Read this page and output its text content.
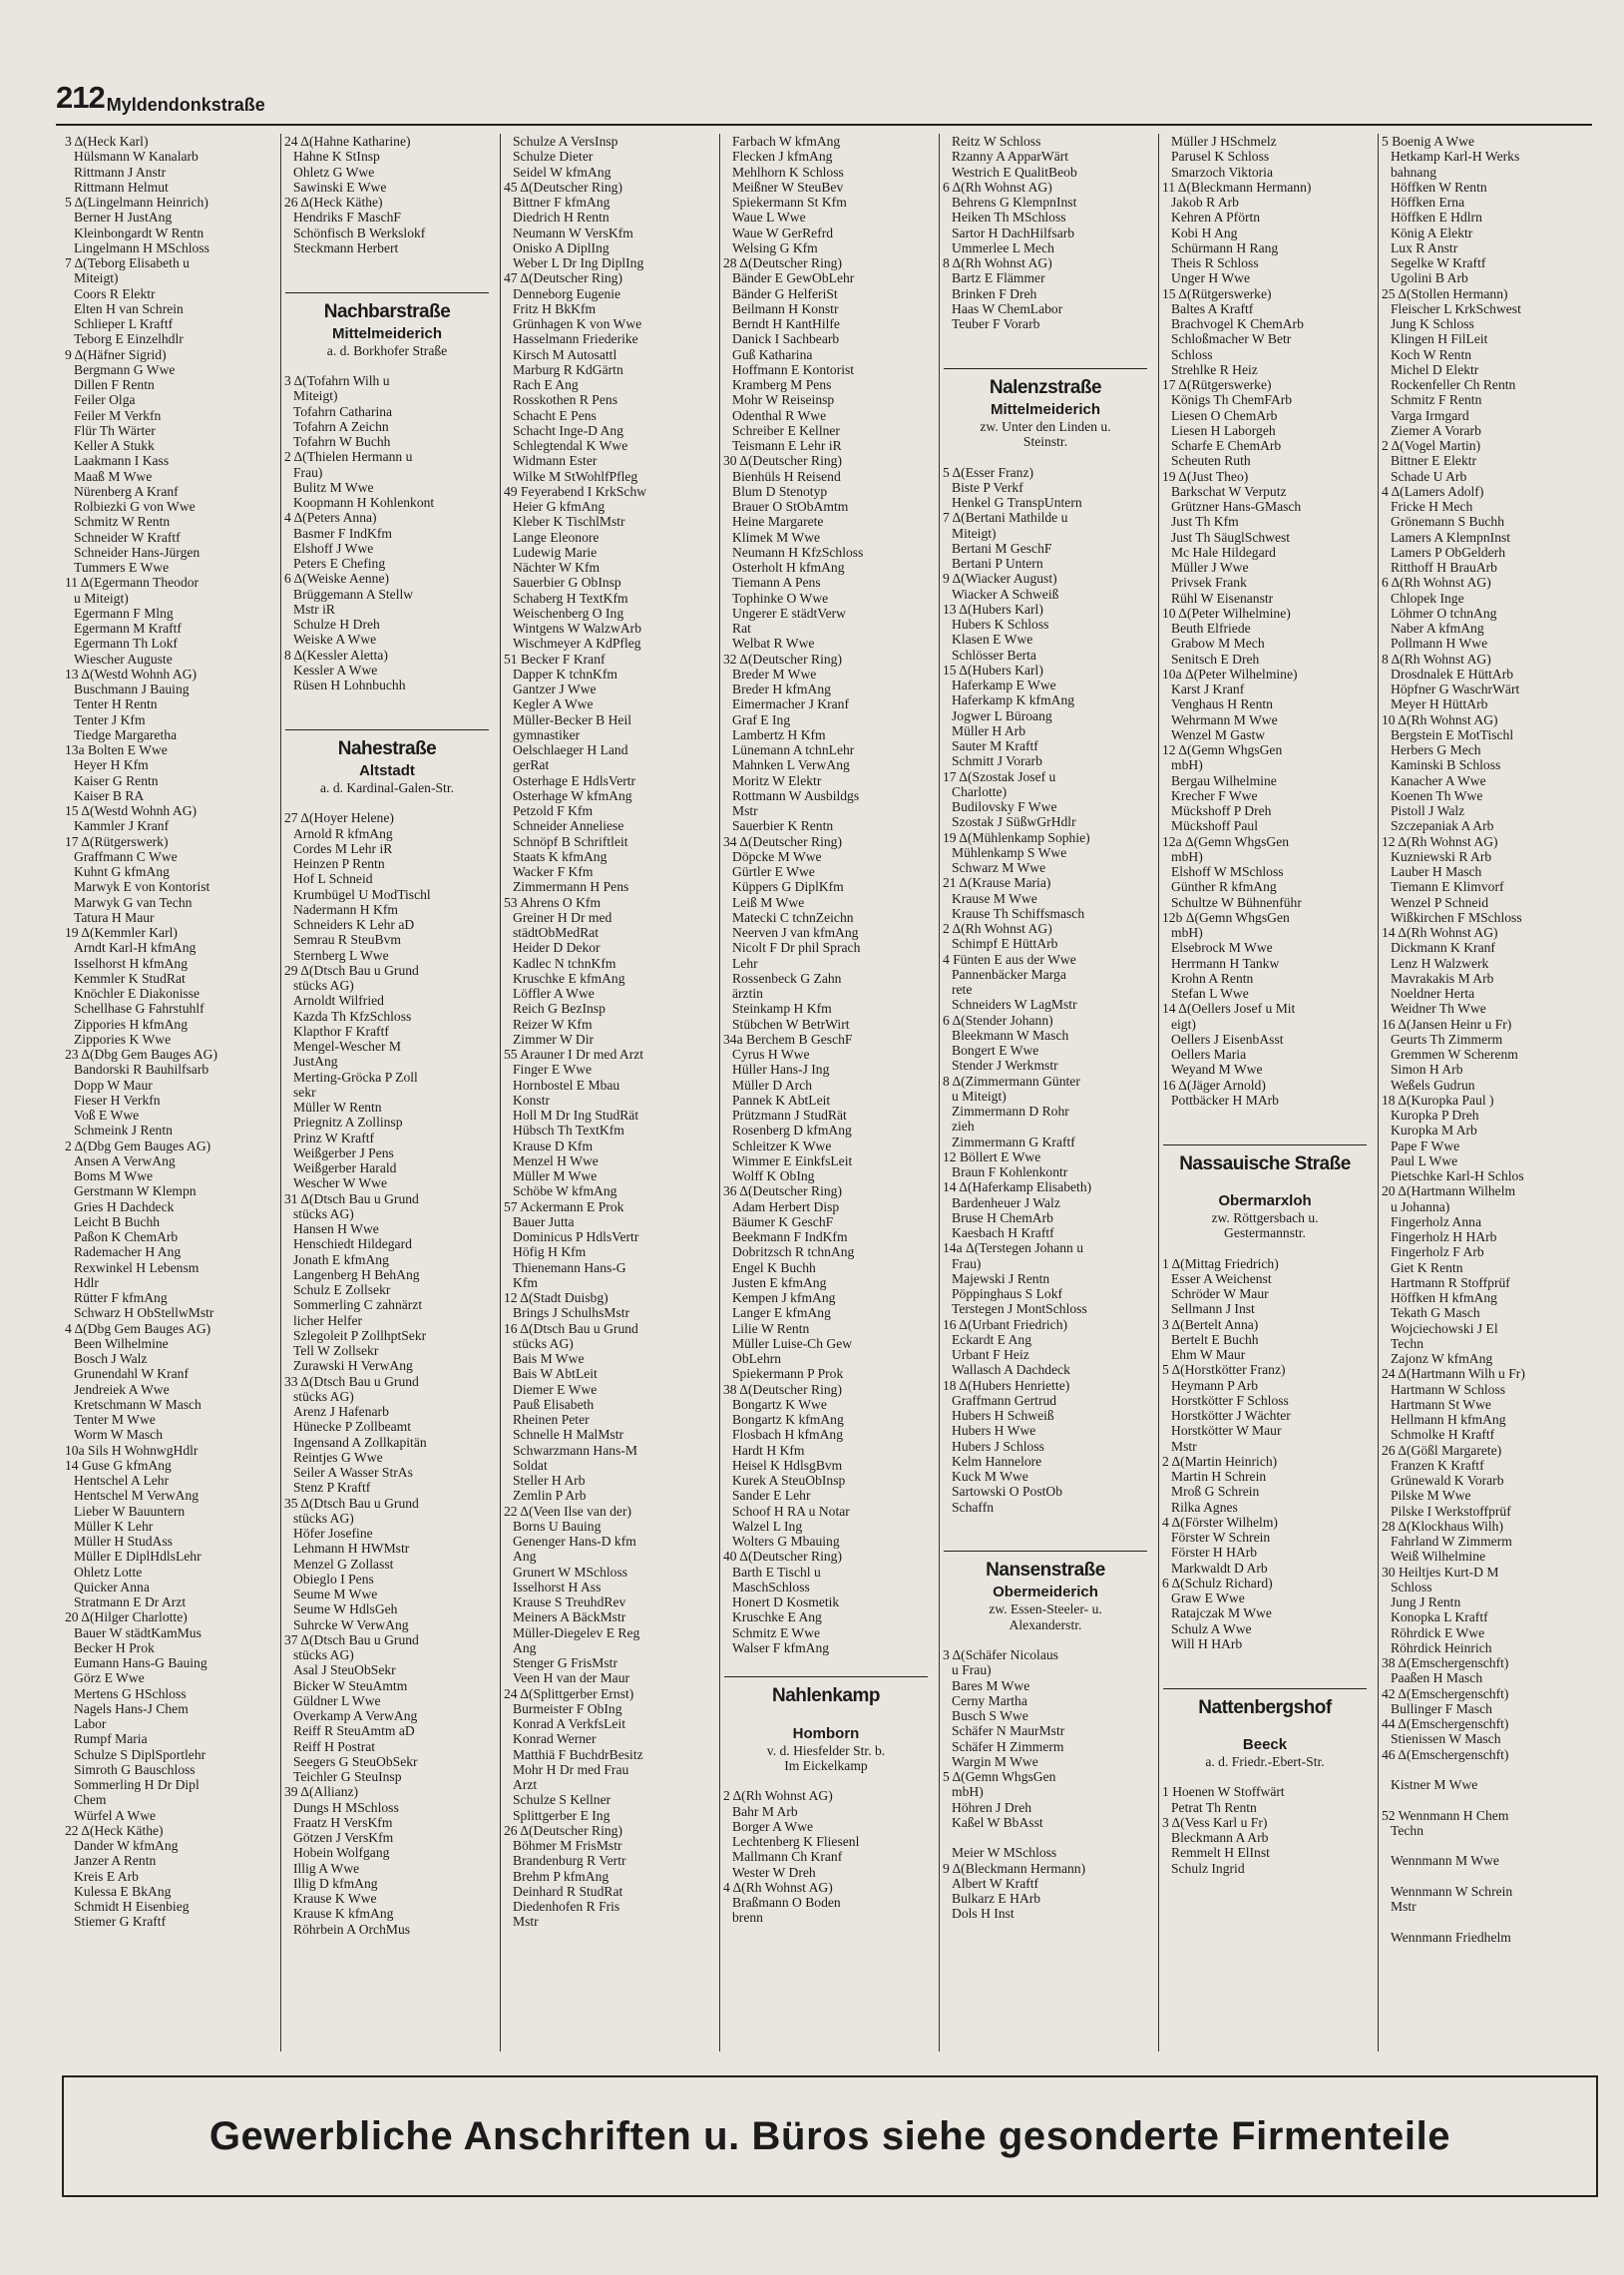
212 Myldendonkstraße
3 Δ(Heck Karl)
Hülsmann W Kanalarb
Rittmann J Anstr
Rittmann Helmut
5 Δ(Lingelmann Heinrich)
Berner H JustAng
Kleinbongardt W Rentn
Lingelmann H MSchloss
7 Δ(Teborg Elisabeth u
Miteigt)
Coors R Elektr
Elten H van Schrein
Schlieper L Kraftf
Teborg E Einzelhdlr
9 Δ(Häfner Sigrid)
Bergmann G Wwe
Dillen F Rentn
Feiler Olga
Feiler M Verkfn
Flür Th Wärter
Keller A Stukk
Laakmann I Kass
Maaß M Wwe
Nürenberg A Kranf
Rolbiezki G von Wwe
Schmitz W Rentn
Schneider W Kraftf
Schneider Hans-Jürgen
Tummers E Wwe
11 Δ(Egermann Theodor
u Miteigt)
Egermann F Mlng
Egermann M Kraftf
Egermann Th Lokf
Wiescher Auguste
13 Δ(Westd Wohnh AG)
Buschmann J Bauing
Tenter H Rentn
Tenter J Kfm
Tiedge Margaretha
13a Bolten E Wwe
Heyer H Kfm
Kaiser G Rentn
Kaiser B RA
15 Δ(Westd Wohnh AG)
Kammler J Kranf
17 Δ(Rütgerswerk)
Graffmann C Wwe
Kuhnt G kfmAng
Marwyk E von Kontorist
Marwyk G van Techn
Tatura H Maur
19 Δ(Kemmler Karl)
Arndt Karl-H kfmAng
Isselhorst H kfmAng
Kemmler K StudRat
Knöchler E Diakonisse
Schellhase G Fahrstuhlf
Zippories H kfmAng
Zippories K Wwe
23 Δ(Dbg Gem Bauges AG)
Bandorski R Bauhilfsarb
Dopp W Maur
Fieser H Verkfn
Voß E Wwe
Schmeink J Rentn
2 Δ(Dbg Gem Bauges AG)
Ansen A VerwAng
Boms M Wwe
Gerstmann W Klempn
Gries H Dachdeck
Leicht B Buchh
Paßon K ChemArb
Rademacher H Ang
Rexwinkel H Lebensm
Hdlr
Rütter F kfmAng
Schwarz H ObStellwMstr
4 Δ(Dbg Gem Bauges AG)
Been Wilhelmine
Bosch J Walz
Grunendahl W Kranf
Jendreiek A Wwe
Kretschmann W Masch
Tenter M Wwe
Worm W Masch
10a Sils H WohnwgHdlr
14 Guse G kfmAng
Hentschel A Lehr
Hentschel M VerwAng
Lieber W Bauuntern
Müller K Lehr
Müller H StudAss
Müller E DiplHdlsLehr
Ohletz Lotte
Quicker Anna
Stratmann E Dr Arzt
20 Δ(Hilger Charlotte)
Bauer W städtKamMus
Becker H Prok
Eumann Hans-G Bauing
Görz E Wwe
Mertens G HSchloss
Nagels Hans-J Chem
Labor
Rumpf Maria
Schulze S DiplSportlehr
Simroth G Bauschloss
Sommerling H Dr Dipl
Chem
Würfel A Wwe
22 Δ(Heck Käthe)
Dander W kfmAng
Janzer A Rentn
Kreis E Arb
Kulessa E BkAng
Schmidt H Eisenbieg
Stiemer G Kraftf
24 Δ(Hahne Katharine)
Hahne K StInsp
Ohletz G Wwe
Sawinski E Wwe
26 Δ(Heck Käthe)
Hendriks F MaschF
Schönfisch B Werkslokf
Steckmann Herbert
Nachbarstraße
Mittelmeiderich
a. d. Borkhofer Straße
3 Δ(Tofahrn Wilh u
Miteigt)
Tofahrn Catharina
Tofahrn A Zeichn
Tofahrn W Buchh
2 Δ(Thielen Hermann u
Frau)
Bulitz M Wwe
Koopmann H Kohlenkont
4 Δ(Peters Anna)
Basmer F IndKfm
Elshoff J Wwe
Peters E Chefing
6 Δ(Weiske Aenne)
Brüggemann A Stellw
Mstr iR
Schulze H Dreh
Weiske A Wwe
8 Δ(Kessler Aletta)
Kessler A Wwe
Rüsen H Lohnbuchh
Nahestraße
Altstadt
a. d. Kardinal-Galen-Str.
27 Δ(Hoyer Helene)
Arnold R kfmAng
Cordes M Lehr iR
Heinzen P Rentn
Hof L Schneid
Krumbügel U ModTischl
Nadermann H Kfm
Schneiders K Lehr aD
Semrau R SteuBvm
Sternberg L Wwe
29 Δ(Dtsch Bau u Grund
stücks AG)
Arnoldt Wilfried
Kazda Th KfzSchloss
Klapthor F Kraftf
Mengel-Wescher M
JustAng
Merting-Gröcka P Zoll
sekr
Müller W Rentn
Priegnitz A Zollinsp
Prinz W Kraftf
Weißgerber J Pens
Weißgerber Harald
Wescher W Wwe
31 Δ(Dtsch Bau u Grund
stücks AG)
Hansen H Wwe
Henschiedt Hildegard
Jonath E kfmAng
Langenberg H BehAng
Schulz E Zollsekr
Sommerling C zahnärzt
licher Helfer
Szlegoleit P ZollhptSekr
Tell W Zollsekr
Zurawski H VerwAng
33 Δ(Dtsch Bau u Grund
stücks AG)
Arenz J Hafenarb
Hünecke P Zollbeamt
Ingensand A Zollkapitän
Reintjes G Wwe
Seiler A Wasser StrAs
Stenz P Kraftf
35 Δ(Dtsch Bau u Grund
stücks AG)
Höfer Josefine
Lehmann H HWMstr
Menzel G Zollasst
Obieglo I Pens
Seume M Wwe
Seume W HdlsGeh
Suhrcke W VerwAng
37 Δ(Dtsch Bau u Grund
stücks AG)
Asal J SteuObSekr
Bicker W SteuAmtm
Güldner L Wwe
Overkamp A VerwAng
Reiff R SteuAmtm aD
Reiff H Postrat
Seegers G SteuObSekr
Teichler G SteuInsp
39 Δ(Allianz)
Dungs H MSchloss
Fraatz H VersKfm
Götzen J VersKfm
Hobein Wolfgang
Illig A Wwe
Illig D kfmAng
Krause K Wwe
Krause K kfmAng
Röhrbein A OrchMus
Schulze A VersInsp
Schulze Dieter
Seidel W kfmAng
45 Δ(Deutscher Ring)
Bittner F kfmAng
Diedrich H Rentn
Neumann W VersKfm
Onisko A DiplIng
Weber L Dr Ing DiplIng
47 Δ(Deutscher Ring)
Denneborg Eugenie
Fritz H BkKfm
Grünhagen K von Wwe
Hasselmann Friederike
Kirsch M Autosattl
Marburg R KdGärtn
Rach E Ang
Rosskothen R Pens
Schacht E Pens
Schacht Inge-D Ang
Schlegtendal K Wwe
Widmann Ester
Wilke M StWohlfPfleg
49 Feyerabend I KrkSchw
Heier G kfmAng
Kleber K TischlMstr
Lange Eleonore
Ludewig Marie
Nächter W Kfm
Sauerbier G ObInsp
Schaberg H TextKfm
Weischenberg O Ing
Wintgens W WalzwArb
Wischmeyer A KdPfleg
51 Becker F Kranf
Dapper K tchnKfm
Gantzer J Wwe
Kegler A Wwe
Müller-Becker B Heil
gymnastiker
Oelschlaeger H Land
gerRat
Osterhage E HdlsVertr
Osterhage W kfmAng
Petzold F Kfm
Schneider Anneliese
Schnöpf B Schriftleit
Staats K kfmAng
Wacker F Kfm
Zimmermann H Pens
53 Ahrens O Kfm
Greiner H Dr med
städtObMedRat
Heider D Dekor
Kadlec N tchnKfm
Kruschke E kfmAng
Löffler A Wwe
Reich G BezInsp
Reizer W Kfm
Zimmer W Dir
55 Arauner I Dr med Arzt
Finger E Wwe
Hornbostel E Mbau
Konstr
Holl M Dr Ing StudRät
Hübsch Th TextKfm
Krause D Kfm
Menzel H Wwe
Müller M Wwe
Schöbe W kfmAng
57 Ackermann E Prok
Bauer Jutta
Dominicus P HdlsVertr
Höfig H Kfm
Thienemann Hans-G
Kfm
12 Δ(Stadt Duisbg)
Brings J SchulhsMstr
16 Δ(Dtsch Bau u Grund
stücks AG)
Bais M Wwe
Bais W AbtLeit
Diemer E Wwe
Pauß Elisabeth
Rheinen Peter
Schnelle H MalMstr
Schwarzmann Hans-M
Soldat
Steller H Arb
Zemlin P Arb
22 Δ(Veen Ilse van der)
Borns U Bauing
Genenger Hans-D kfm
Ang
Grunert W MSchloss
Isselhorst H Ass
Krause S TreuhdRev
Meiners A BäckMstr
Müller-Diegelev E Reg
Ang
Stenger G FrisMstr
Veen H van der Maur
24 Δ(Splittgerber Ernst)
Burmeister F ObIng
Konrad A VerkfsLeit
Konrad Werner
Matthiä F BuchdrBesitz
Mohr H Dr med Frau
Arzt
Schulze S Kellner
Splittgerber E Ing
26 Δ(Deutscher Ring)
Böhmer M FrisMstr
Brandenburg R Vertr
Brehm P kfmAng
Deinhard R StudRat
Diedenhofen R Fris
Mstr
Farbach W kfmAng
Flecken J kfmAng
Mehlhorn K Schloss
Meißner W SteuBev
Spiekermann St Kfm
Waue L Wwe
Waue W GerRefrd
Welsing G Kfm
28 Δ(Deutscher Ring)
Bänder E GewObLehr
Bänder G HelferiSt
Beilmann H Konstr
Berndt H KantHilfe
Danick I Sachbearb
Guß Katharina
Hoffmann E Kontorist
Kramberg M Pens
Mohr W Reiseinsp
Odenthal R Wwe
Schreiber E Kellner
Teismann E Lehr iR
30 Δ(Deutscher Ring)
Bienhüls H Reisend
Blum D Stenotyp
Brauer O StObAmtm
Heine Margarete
Klimek M Wwe
Neumann H KfzSchloss
Osterholt H kfmAng
Tiemann A Pens
Tophinke O Wwe
Ungerer E städtVerw
Rat
Welbat R Wwe
32 Δ(Deutscher Ring)
Breder M Wwe
Breder H kfmAng
Eimermacher J Kranf
Graf E Ing
Lambertz H Kfm
Lünemann A tchnLehr
Mahnken L VerwAng
Moritz W Elektr
Rottmann W Ausbildgs
Mstr
Sauerbier K Rentn
34 Δ(Deutscher Ring)
Döpcke M Wwe
Gürtler E Wwe
Küppers G DiplKfm
Leiß M Wwe
Matecki C tchnZeichn
Neerven J van kfmAng
Nicolt F Dr phil Sprach
Lehr
Rossenbeck G Zahn
ärztin
Steinkamp H Kfm
Stübchen W BetrWirt
34a Berchem B GeschF
Cyrus H Wwe
Hüller Hans-J Ing
Müller D Arch
Pannek K AbtLeit
Prützmann J StudRät
Rosenberg D kfmAng
Schleitzer K Wwe
Wimmer E EinkfsLeit
Wolff K ObIng
36 Δ(Deutscher Ring)
Adam Herbert Disp
Bäumer K GeschF
Beekmann F IndKfm
Dobritzsch R tchnAng
Engel K Buchh
Justen E kfmAng
Kempen J kfmAng
Langer E kfmAng
Lilie W Rentn
Müller Luise-Ch Gew
ObLehrn
Spiekermann P Prok
38 Δ(Deutscher Ring)
Bongartz K Wwe
Bongartz K kfmAng
Flosbach H kfmAng
Hardt H Kfm
Heisel K HdlsgBvm
Kurek A SteuObInsp
Sander E Lehr
Schoof H RA u Notar
Walzel L Ing
Wolters G Mbauing
40 Δ(Deutscher Ring)
Barth E Tischl u
MaschSchloss
Honert D Kosmetik
Kruschke E Ang
Schmitz E Wwe
Walser F kfmAng
Nahlenkamp
Homborn
v. d. Hiesfelder Str. b.
Im Eickelkamp
2 Δ(Rh Wohnst AG)
Bahr M Arb
Borger A Wwe
Lechtenberg K Fliesenl
Mallmann Ch Kranf
Wester W Dreh
4 Δ(Rh Wohnst AG)
Braßmann O Boden
brenn
Reitz W Schloss
Rzanny A ApparWärt
Westrich E QualitBeob
6 Δ(Rh Wohnst AG)
Behrens G KlempnInst
Heiken Th MSchloss
Sartor H DachHilfsarb
Ummerlee L Mech
8 Δ(Rh Wohnst AG)
Bartz E Flämmer
Brinken F Dreh
Haas W ChemLabor
Teuber F Vorarb
Nalenzstraße
Mittelmeiderich
zw. Unter den Linden u.
Steinstr.
5 Δ(Esser Franz)
Biste P Verkf
Henkel G TranspUntern
7 Δ(Bertani Mathilde u
Miteigt)
Bertani M GeschF
Bertani P Untern
9 Δ(Wiacker August)
Wiacker A Schweiß
13 Δ(Hubers Karl)
Hubers K Schloss
Klasen E Wwe
Schlösser Berta
15 Δ(Hubers Karl)
Haferkamp E Wwe
Haferkamp K kfmAng
Jogwer L Büroang
Müller H Arb
Sauter M Kraftf
Schmitt J Vorarb
17 Δ(Szostak Josef u
Charlotte)
Budilovsky F Wwe
Szostak J SüßwGrHdlr
19 Δ(Mühlenkamp Sophie)
Mühlenkamp S Wwe
Schwarz M Wwe
21 Δ(Krause Maria)
Krause M Wwe
Krause Th Schiffsmasch
2 Δ(Rh Wohnst AG)
Schimpf E HüttArb
4 Fünten E aus der Wwe
Pannenbäcker Marga
rete
Schneiders W LagMstr
6 Δ(Stender Johann)
Bleekmann W Masch
Bongert E Wwe
Stender J Werkmstr
8 Δ(Zimmermann Günter
u Miteigt)
Zimmermann D Rohr
zieh
Zimmermann G Kraftf
12 Böllert E Wwe
Braun F Kohlenkontr
14 Δ(Haferkamp Elisabeth)
Bardenheuer J Walz
Bruse H ChemArb
Kaesbach H Kraftf
14a Δ(Terstegen Johann u
Frau)
Majewski J Rentn
Pöppinghaus S Lokf
Terstegen J MontSchloss
16 Δ(Urbant Friedrich)
Eckardt E Ang
Urbant F Heiz
Wallasch A Dachdeck
18 Δ(Hubers Henriette)
Graffmann Gertrud
Hubers H Schweiß
Hubers H Wwe
Hubers J Schloss
Kelm Hannelore
Kuck M Wwe
Sartowski O PostOb
Schaffn
Nansenstraße
Obermeiderich
zw. Essen-Steeler- u.
Alexanderstr.
3 Δ(Schäfer Nicolaus
u Frau)
Bares M Wwe
Cerny Martha
Busch S Wwe
Schäfer N MaurMstr
Schäfer H Zimmerm
Wargin M Wwe
5 Δ(Gemn WhgsGen
mbH)
Höhren J Dreh
Kaßel W BbAsst
Meier W MSchloss
9 Δ(Bleckmann Hermann)
Albert W Kraftf
Bulkarz E HArb
Dols H Inst
Müller J HSchmelz
Parusel K Schloss
Smarzoch Viktoria
11 Δ(Bleckmann Hermann)
Jakob R Arb
Kehren A Pförtn
Kobi H Ang
Schürmann H Rang
Theis R Schloss
Unger H Wwe
15 Δ(Rütgerswerke)
Baltes A Kraftf
Brachvogel K ChemArb
Schloßmacher W Betr
Schloss
Strehlke R Heiz
17 Δ(Rütgerswerke)
Königs Th ChemFArb
Liesen O ChemArb
Liesen H Laborgeh
Scharfe E ChemArb
Scheuten Ruth
19 Δ(Just Theo)
Barkschat W Verputz
Grützner Hans-GMasch
Just Th Kfm
Just Th SäuglSchwest
Mc Hale Hildegard
Müller J Wwe
Privsek Frank
Rühl W Eisenanstr
10 Δ(Peter Wilhelmine)
Beuth Elfriede
Grabow M Mech
Senitsch E Dreh
10a Δ(Peter Wilhelmine)
Karst J Kranf
Venghaus H Rentn
Wehrmann M Wwe
Wenzel M Gastw
12 Δ(Gemn WhgsGen
mbH)
Bergau Wilhelmine
Krecher F Wwe
Mückshoff P Dreh
Mückshoff Paul
12a Δ(Gemn WhgsGen
mbH)
Elshoff W MSchloss
Günther R kfmAng
Schultze W Bühnenführ
12b Δ(Gemn WhgsGen
mbH)
Elsebrock M Wwe
Herrmann H Tankw
Krohn A Rentn
Stefan L Wwe
14 Δ(Oellers Josef u Mit
eigt)
Oellers J EisenbAsst
Oellers Maria
Weyand M Wwe
16 Δ(Jäger Arnold)
Pottbäcker H MArb
Nassauische Straße
Obermarxloh
zw. Röttgersbach u.
Gestermannstr.
1 Δ(Mittag Friedrich)
Esser A Weichenst
Schröder W Maur
Sellmann J Inst
3 Δ(Bertelt Anna)
Bertelt E Buchh
Ehm W Maur
5 Δ(Horstkötter Franz)
Heymann P Arb
Horstkötter F Schloss
Horstkötter J Wächter
Horstkötter W Maur
Mstr
2 Δ(Martin Heinrich)
Martin H Schrein
Mroß G Schrein
Rilka Agnes
4 Δ(Förster Wilhelm)
Förster W Schrein
Förster H HArb
Markwaldt D Arb
6 Δ(Schulz Richard)
Graw E Wwe
Ratajczak M Wwe
Schulz A Wwe
Will H HArb
Nattenbergshof
Beeck
a. d. Friedr.-Ebert-Str.
1 Hoenen W Stoffwärt
Petrat Th Rentn
3 Δ(Vess Karl u Fr)
Bleckmann A Arb
Remmelt H ElInst
Schulz Ingrid
5 Boenig A Wwe
Hetkamp Karl-H Werks
bahnang
Höffken W Rentn
Höffken Erna
Höffken E Hdlrn
König A Elektr
Lux R Anstr
Segelke W Kraftf
Ugolini B Arb
25 Δ(Stollen Hermann)
Fleischer L KrkSchwest
Jung K Schloss
Klingen H FilLeit
Koch W Rentn
Michel D Elektr
Rockenfeller Ch Rentn
Schmitz F Rentn
Varga Irmgard
Ziemer A Vorarb
2 Δ(Vogel Martin)
Bittner E Elektr
Schade U Arb
4 Δ(Lamers Adolf)
Fricke H Mech
Grönemann S Buchh
Lamers A KlempnInst
Lamers P ObGelderh
Ritthoff H BrauArb
6 Δ(Rh Wohnst AG)
Chlopek Inge
Löhmer O tchnAng
Naber A kfmAng
Pollmann H Wwe
8 Δ(Rh Wohnst AG)
Drosdnalek E HüttArb
Höpfner G WaschrWärt
Meyer H HüttArb
10 Δ(Rh Wohnst AG)
Bergstein E MotTischl
Herbers G Mech
Kaminski B Schloss
Kanacher A Wwe
Koenen Th Wwe
Pistoll J Walz
Szczepaniak A Arb
12 Δ(Rh Wohnst AG)
Kuzniewski R Arb
Lauber H Masch
Tiemann E Klimvorf
Wenzel P Schneid
Wißkirchen F MSchloss
14 Δ(Rh Wohnst AG)
Dickmann K Kranf
Lenz H Walzwerk
Mavrakakis M Arb
Noeldner Herta
Weidner Th Wwe
16 Δ(Jansen Heinr u Fr)
Geurts Th Zimmerm
Gremmen W Scherenm
Simon H Arb
Weßels Gudrun
18 Δ(Kuropka Paul )
Kuropka P Dreh
Kuropka M Arb
Pape F Wwe
Paul L Wwe
Pietschke Karl-H Schlos
20 Δ(Hartmann Wilhelm
u Johanna)
Fingerholz Anna
Fingerholz H HArb
Fingerholz F Arb
Giet K Rentn
Hartmann R Stoffprüf
Höffken H kfmAng
Tekath G Masch
Wojciechowski J El
Techn
Zajonz W kfmAng
24 Δ(Hartmann Wilh u Fr)
Hartmann W Schloss
Hartmann St Wwe
Hellmann H kfmAng
Schmolke H Kraftf
26 Δ(Gößl Margarete)
Franzen K Kraftf
Grünewald K Vorarb
Pilske M Wwe
Pilske I Werkstoffprüf
28 Δ(Klockhaus Wilh)
Fahrland W Zimmerm
Weiß Wilhelmine
30 Heiltjes Kurt-D M
Schloss
Jung J Rentn
Konopka L Kraftf
Röhrdick E Wwe
Röhrdick Heinrich
38 Δ(Emschergenschft)
Paaßen H Masch
42 Δ(Emschergenschft)
Bullinger F Masch
44 Δ(Emschergenschft)
Stienissen W Masch
46 Δ(Emschergenschft)
Kistner M Wwe
52 Wennmann H Chem
Techn
Wennmann M Wwe
Wennmann W Schrein
Mstr
Wennmann Friedhelm
Gewerbliche Anschriften u. Büros siehe gesonderte Firmenteile
